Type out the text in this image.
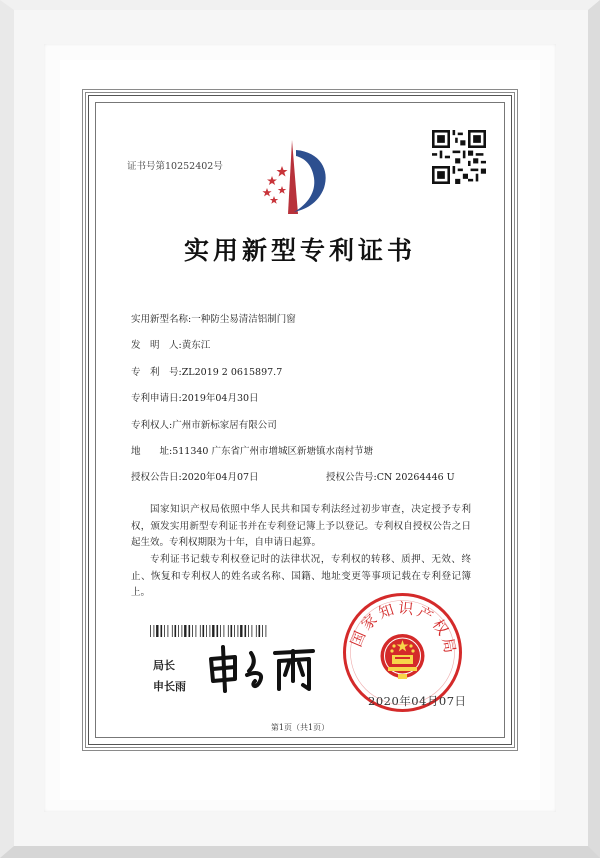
证书号第10252402号
实用新型专利证书
实用新型名称:一种防尘易清洁铝制门窗
发　明　人:黄东江
专　利　号:ZL2019 2 0615897.7
专利申请日:2019年04月30日
专利权人:广州市新标家居有限公司
地　　址:511340 广东省广州市增城区新塘镇水南村节塘
授权公告日:2020年04月07日	授权公告号:CN 20264446 U
国家知识产权局依照中华人民共和国专利法经过初步审查，决定授予专利权，颁发实用新型专利证书并在专利登记簿上予以登记。专利权自授权公告之日起生效。专利权期限为十年，自申请日起算。
专利证书记载专利权登记时的法律状况，专利权的转移、质押、无效、终止、恢复和专利权人的姓名或名称、国籍、地址变更等事项记载在专利登记簿上。
局长
申长雨
国家知识产权局
2020年04月07日
第1页（共1页）
